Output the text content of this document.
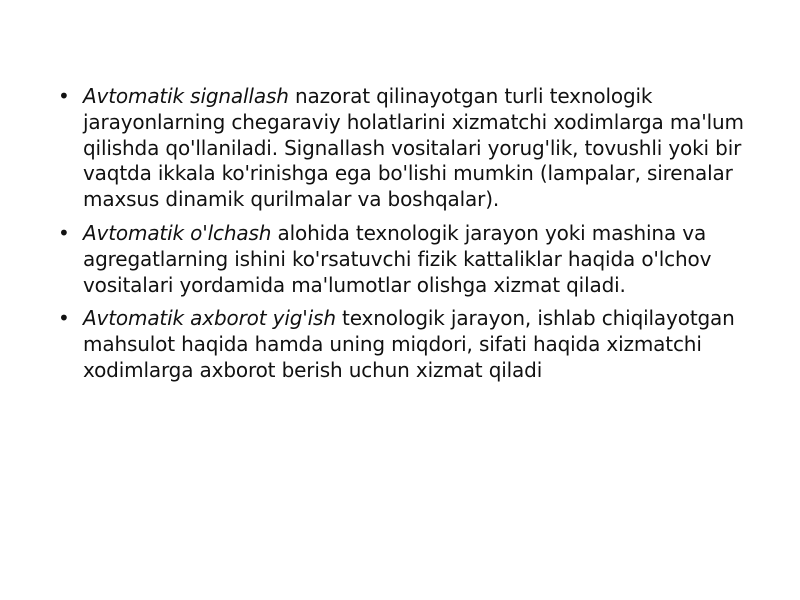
• Avtomatik signallash nazorat qilinayotgan turli texnologik jarayonlarning chegaraviy holatlarini xizmatchi xodimlarga ma'lum qilishda qo'llaniladi. Signallash vositalari yorug'lik, tovushli yoki bir vaqtda ikkala ko'rinishga ega bo'lishi mumkin (lampalar, sirenalar maxsus dinamik qurilmalar va boshqalar).
• Avtomatik o'lchash alohida texnologik jarayon yoki mashina va agregatlarning ishini ko'rsatuvchi fizik kattaliklar haqida o'lchov vositalari yordamida ma'lumotlar olishga xizmat qiladi.
• Avtomatik axborot yig'ish texnologik jarayon, ishlab chiqilayotgan mahsulot haqida hamda uning miqdori, sifati haqida xizmatchi xodimlarga axborot berish uchun xizmat qiladi
